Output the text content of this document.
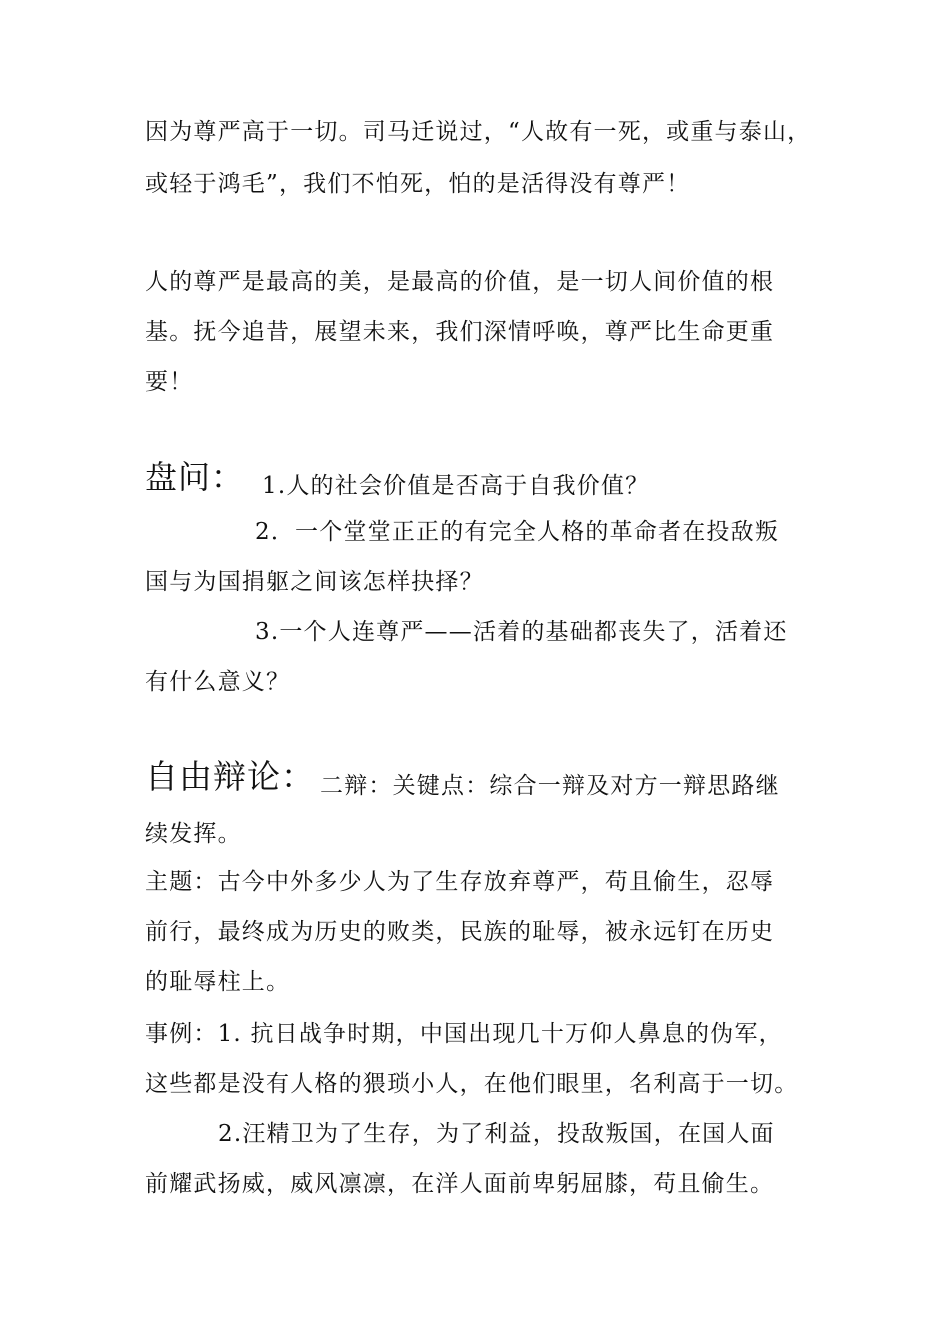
因为尊严高于一切。司马迁说过，“人故有一死，或重与泰山，
或轻于鸿毛”，我们不怕死，怕的是活得没有尊严！
人的尊严是最高的美，是最高的价值，是一切人间价值的根
基。抚今追昔，展望未来，我们深情呼唤，尊严比生命更重
要！
盘问： 1.人的社会价值是否高于自我价值？
2．一个堂堂正正的有完全人格的革命者在投敌叛
国与为国捐躯之间该怎样抉择？
3.一个人连尊严——活着的基础都丧失了，活着还
有什么意义？
自由辩论： 二辩：关键点：综合一辩及对方一辩思路继
续发挥。
主题：古今中外多少人为了生存放弃尊严，苟且偷生，忍辱
前行，最终成为历史的败类，民族的耻辱，被永远钉在历史
的耻辱柱上。
事例：1. 抗日战争时期，中国出现几十万仰人鼻息的伪军，
这些都是没有人格的猥琐小人，在他们眼里，名利高于一切。
2.汪精卫为了生存，为了利益，投敌叛国，在国人面
前耀武扬威，威风凛凛，在洋人面前卑躬屈膝，苟且偷生。
